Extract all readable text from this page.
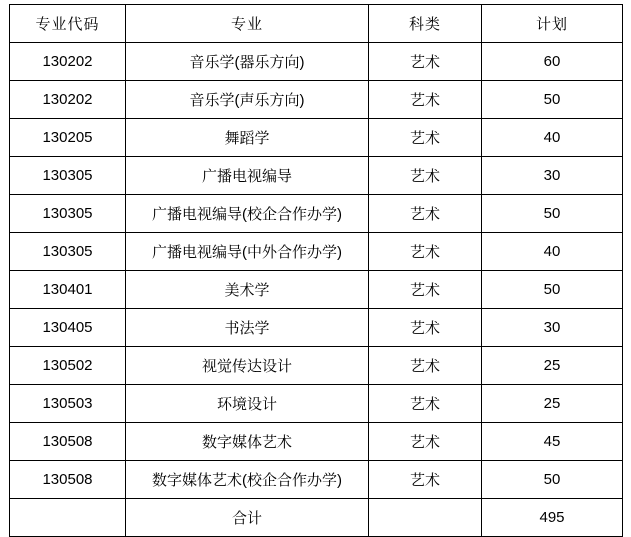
专业代码	专业	科类	计划
130202	音乐学(器乐方向)	艺术	60
130202	音乐学(声乐方向)	艺术	50
130205	舞蹈学	艺术	40
130305	广播电视编导	艺术	30
130305	广播电视编导(校企合作办学)	艺术	50
130305	广播电视编导(中外合作办学)	艺术	40
130401	美术学	艺术	50
130405	书法学	艺术	30
130502	视觉传达设计	艺术	25
130503	环境设计	艺术	25
130508	数字媒体艺术	艺术	45
130508	数字媒体艺术(校企合作办学)	艺术	50
	合计		495
